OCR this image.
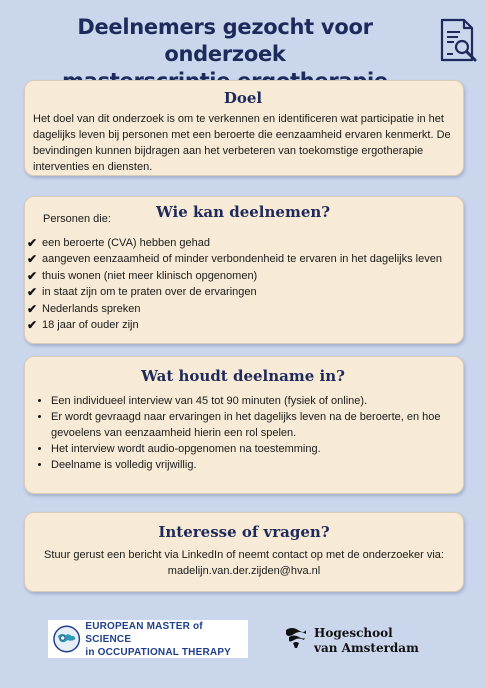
Deelnemers gezocht voor onderzoek
Doel

Het doel van dit onderzoek is om te verkennen en identificeren wat participatie in het dagelijks leven bij personen met een beroerte die eenzaamheid ervaren kenmerkt. De bevindingen kunnen bijdragen aan het verbeteren van toekomstige ergotherapie interventies en diensten.

Wie kan deelnemen?
Personen die:
✔ een beroerte (CVA) hebben gehad
✔ aangeven eenzaamheid of minder verbondenheid te ervaren in het dagelijks leven
✔ thuis wonen (niet meer klinisch opgenomen)
✔ in staat zijn om te praten over de ervaringen
✔ Nederlands spreken
✔ 18 jaar of ouder zijn
Wat houdt deelname in?
• Een individueel interview van 45 tot 90 minuten (fysiek of online).
• Er wordt gevraagd naar ervaringen in het dagelijks leven na de beroerte, en hoe gevoelens van eenzaamheid hierin een rol spelen.
• Het interview wordt audio-opgenomen na toestemming.
• Deelname is volledig vrijwillig.
Interesse of vragen?

Stuur gerust een bericht via LinkedIn of neemt contact op met de onderzoeker via: madelijn.van.der.zijden@hva.nl

EUROPEAN MASTER of SCIENCE
in OCCUPATIONAL THERAPY
Hogeschool
van Amsterdam
